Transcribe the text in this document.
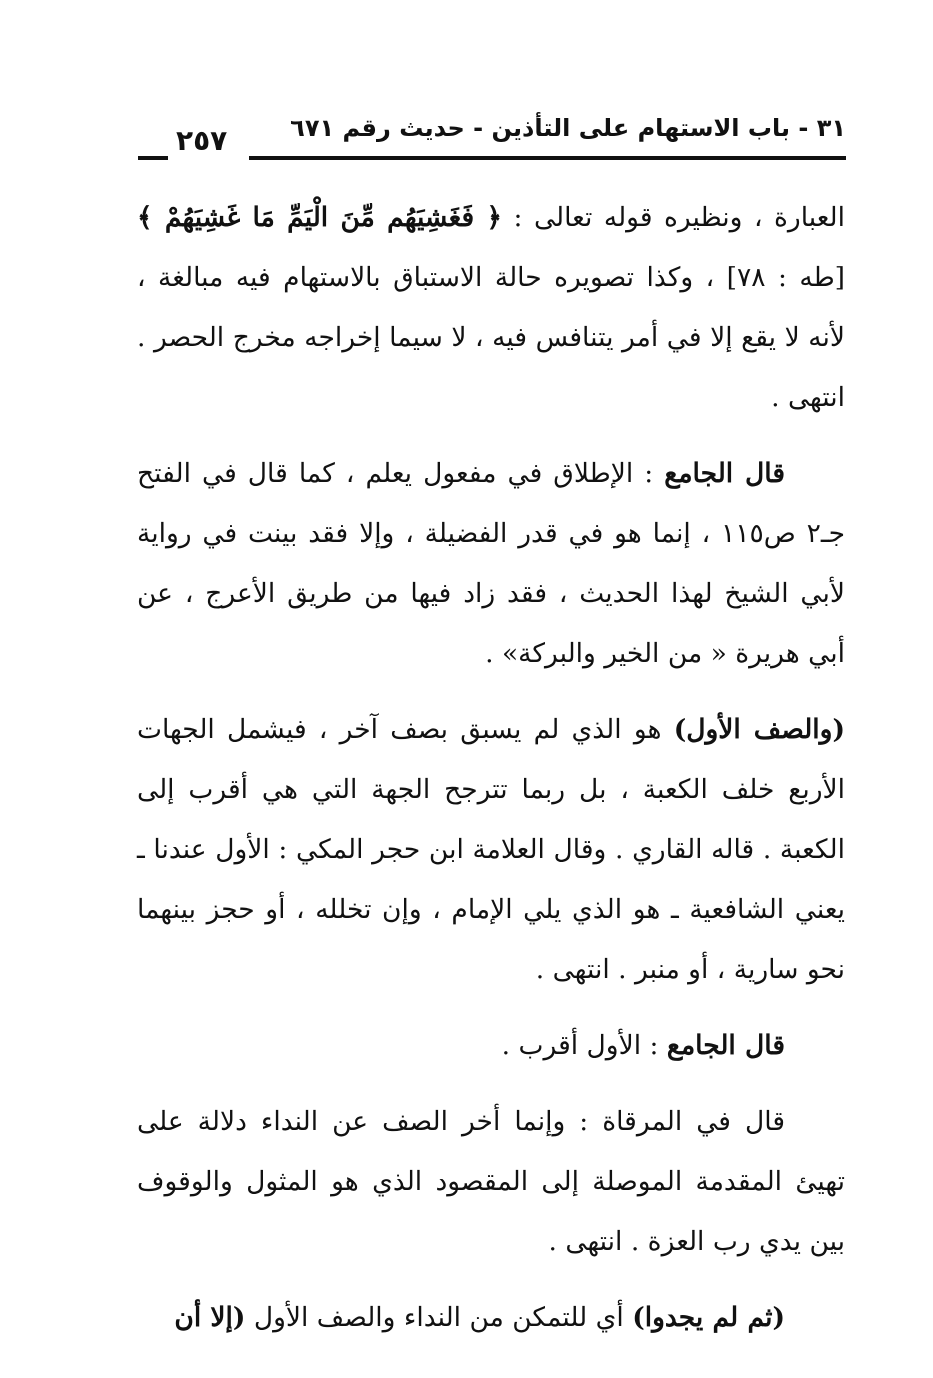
٣١ - باب الاستهام على التأذين - حديث رقم ٦٧١
٢٥٧

العبارة ، ونظيره قوله تعالى : ﴿ فَغَشِيَهُم مِّنَ الْيَمِّ مَا غَشِيَهُمْ ﴾ [طه : ٧٨] ، وكذا تصويره حالة الاستباق بالاستهام فيه مبالغة ، لأنه لا يقع إلا في أمر يتنافس فيه ، لا سيما إخراجه مخرج الحصر . انتهى .

قال الجامع : الإطلاق في مفعول يعلم ، كما قال في الفتح جـ٢ ص١١٥ ، إنما هو في قدر الفضيلة ، وإلا فقد بينت في رواية لأبي الشيخ لهذا الحديث ، فقد زاد فيها من طريق الأعرج ، عن أبي هريرة « من الخير والبركة» .

(والصف الأول) هو الذي لم يسبق بصف آخر ، فيشمل الجهات الأربع خلف الكعبة ، بل ربما تترجح الجهة التي هي أقرب إلى الكعبة . قاله القاري . وقال العلامة ابن حجر المكي : الأول عندنا ـ يعني الشافعية ـ هو الذي يلي الإمام ، وإن تخلله ، أو حجز بينهما نحو سارية ، أو منبر . انتهى .

قال الجامع : الأول أقرب .

قال في المرقاة : وإنما أخر الصف عن النداء دلالة على تهيئ المقدمة الموصلة إلى المقصود الذي هو المثول والوقوف بين يدي رب العزة . انتهى .

(ثم لم يجدوا) أي للتمكن من النداء والصف الأول (إلا أن
